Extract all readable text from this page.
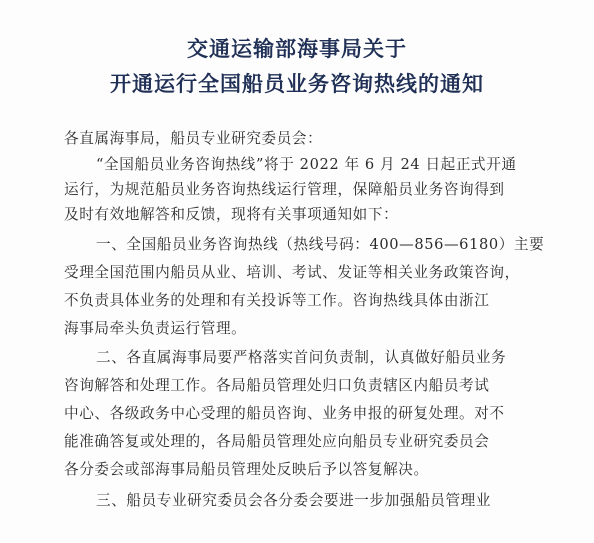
交通运输部海事局关于
开通运行全国船员业务咨询热线的通知
各直属海事局，船员专业研究委员会：
“全国船员业务咨询热线”将于 2022 年 6 月 24 日起正式开通
运行，为规范船员业务咨询热线运行管理，保障船员业务咨询得到
及时有效地解答和反馈，现将有关事项通知如下：
一、全国船员业务咨询热线（热线号码：400—856—6180）主要
受理全国范围内船员从业、培训、考试、发证等相关业务政策咨询，
不负责具体业务的处理和有关投诉等工作。咨询热线具体由浙江
海事局牵头负责运行管理。
二、各直属海事局要严格落实首问负责制，认真做好船员业务
咨询解答和处理工作。各局船员管理处归口负责辖区内船员考试
中心、各级政务中心受理的船员咨询、业务申报的研复处理。对不
能准确答复或处理的，各局船员管理处应向船员专业研究委员会
各分委会或部海事局船员管理处反映后予以答复解决。
三、船员专业研究委员会各分委会要进一步加强船员管理业
